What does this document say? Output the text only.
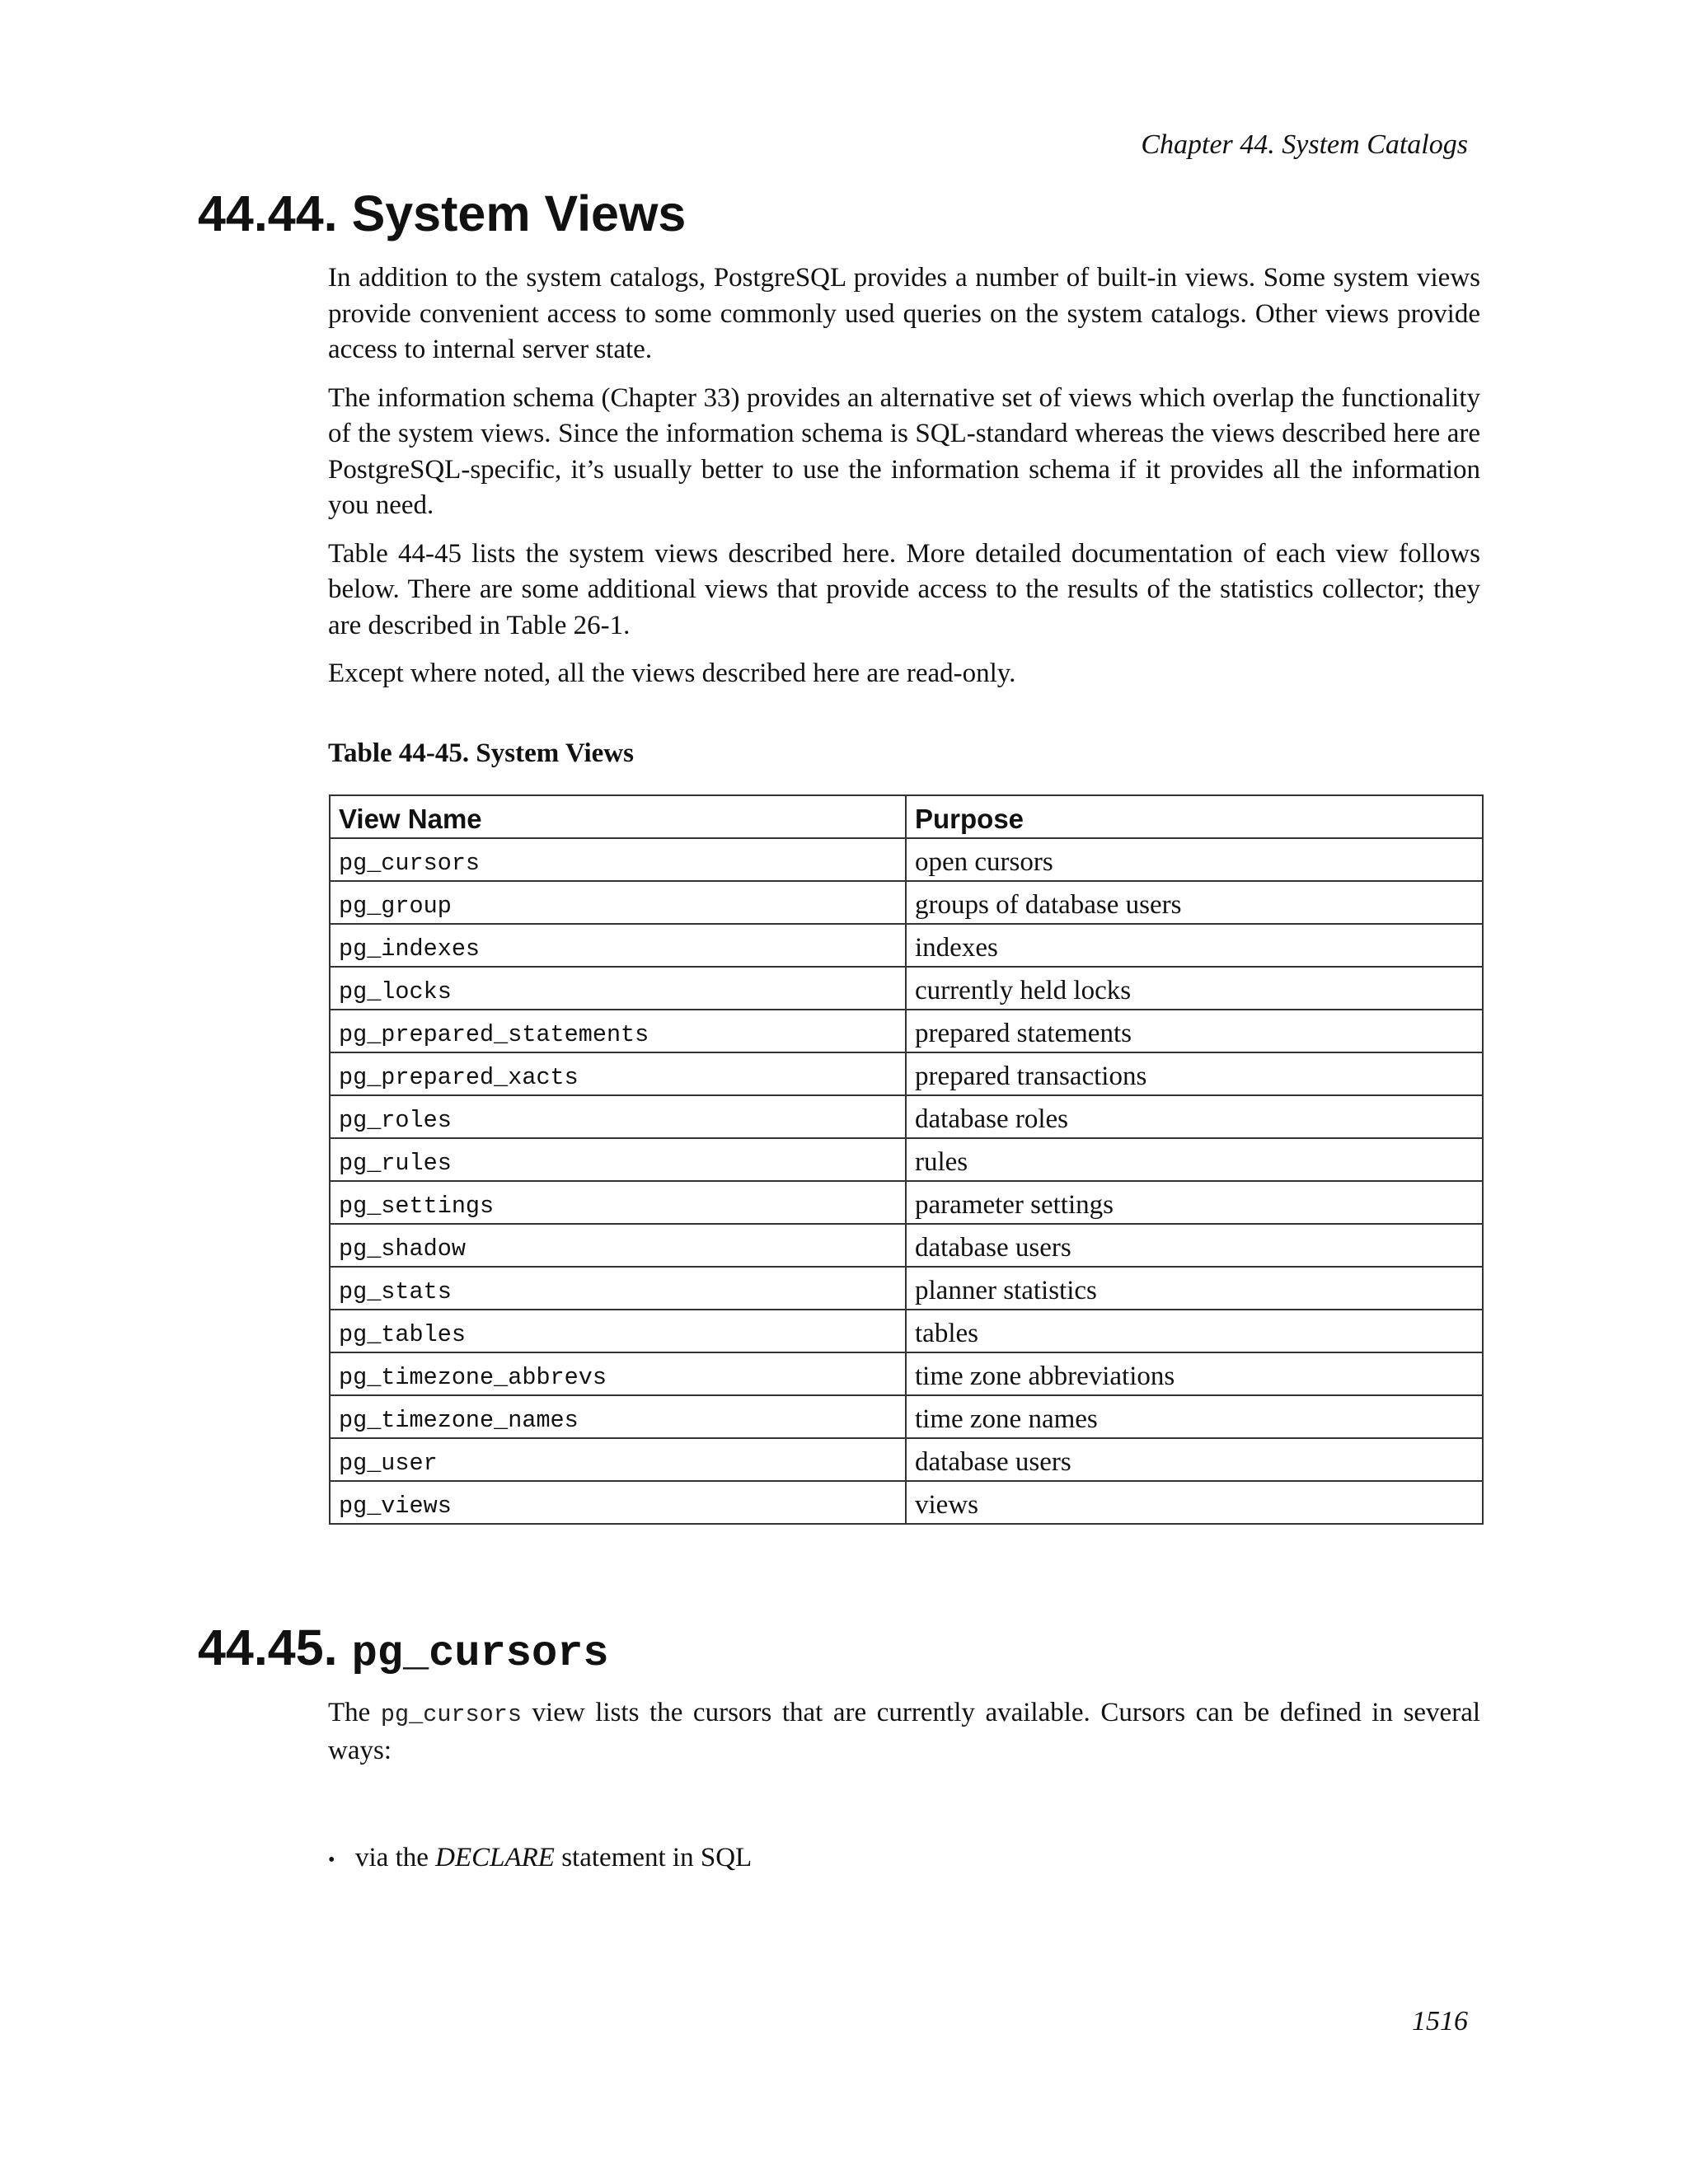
Chapter 44. System Catalogs
44.44. System Views

In addition to the system catalogs, PostgreSQL provides a number of built-in views. Some system views provide convenient access to some commonly used queries on the system catalogs. Other views provide access to internal server state.

The information schema (Chapter 33) provides an alternative set of views which overlap the functionality of the system views. Since the information schema is SQL-standard whereas the views described here are PostgreSQL-specific, it’s usually better to use the information schema if it provides all the information you need.

Table 44-45 lists the system views described here. More detailed documentation of each view follows below. There are some additional views that provide access to the results of the statistics collector; they are described in Table 26-1.

Except where noted, all the views described here are read-only.

Table 44-45. System Views

View Name	Purpose
pg_cursors	open cursors
pg_group	groups of database users
pg_indexes	indexes
pg_locks	currently held locks
pg_prepared_statements	prepared statements
pg_prepared_xacts	prepared transactions
pg_roles	database roles
pg_rules	rules
pg_settings	parameter settings
pg_shadow	database users
pg_stats	planner statistics
pg_tables	tables
pg_timezone_abbrevs	time zone abbreviations
pg_timezone_names	time zone names
pg_user	database users
pg_views	views
44.45. pg_cursors

The pg_cursors view lists the cursors that are currently available. Cursors can be defined in several ways:

• via the DECLARE statement in SQL
1516
